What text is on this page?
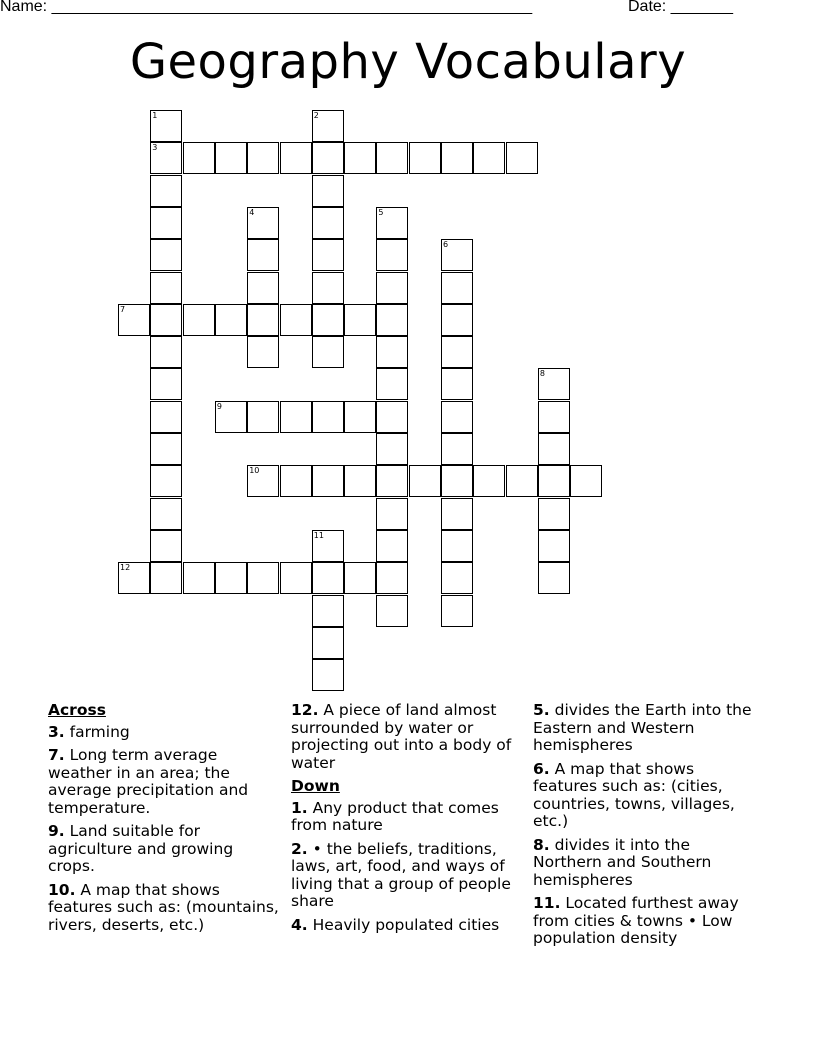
Name: ______________________________________________________	Date: _______
Geography Vocabulary
1
3
2
4	5
6
7
8
9
10
11
12
Across
3. farming
7. Long term average weather in an area; the average precipitation and temperature.
9. Land suitable for agriculture and growing crops.
10. A map that shows features such as: (mountains, rivers, deserts, etc.)
12. A piece of land almost surrounded by water or projecting out into a body of water
Down
1. Any product that comes from nature
2. • the beliefs, traditions, laws, art, food, and ways of living that a group of people share
4. Heavily populated cities
5. divides the Earth into the Eastern and Western hemispheres
6. A map that shows features such as: (cities, countries, towns, villages, etc.)
8. divides it into the Northern and Southern hemispheres
11. Located furthest away from cities & towns • Low population density
